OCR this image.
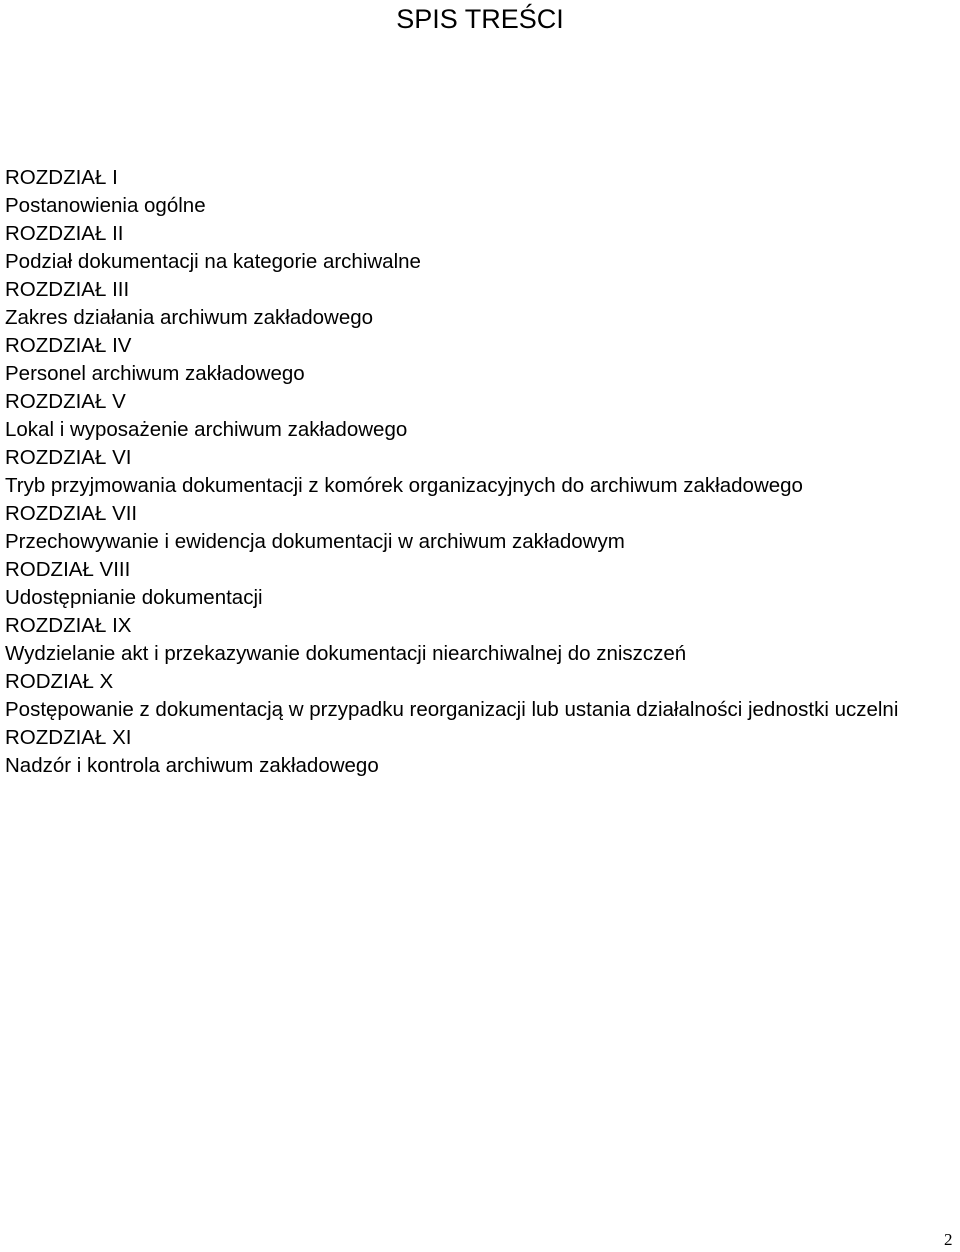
SPIS TREŚCI
ROZDZIAŁ I
Postanowienia ogólne
ROZDZIAŁ II
Podział dokumentacji na kategorie archiwalne
ROZDZIAŁ III
Zakres działania archiwum zakładowego
ROZDZIAŁ IV
Personel archiwum zakładowego
ROZDZIAŁ V
Lokal i wyposażenie archiwum zakładowego
ROZDZIAŁ VI
Tryb przyjmowania dokumentacji z komórek organizacyjnych do archiwum zakładowego
ROZDZIAŁ VII
Przechowywanie i ewidencja dokumentacji w archiwum zakładowym
RODZIAŁ VIII
Udostępnianie dokumentacji
ROZDZIAŁ IX
Wydzielanie akt i przekazywanie dokumentacji niearchiwalnej do zniszczeń
RODZIAŁ X
Postępowanie z dokumentacją w przypadku reorganizacji lub ustania działalności jednostki uczelni
ROZDZIAŁ XI
Nadzór i kontrola archiwum zakładowego
2
